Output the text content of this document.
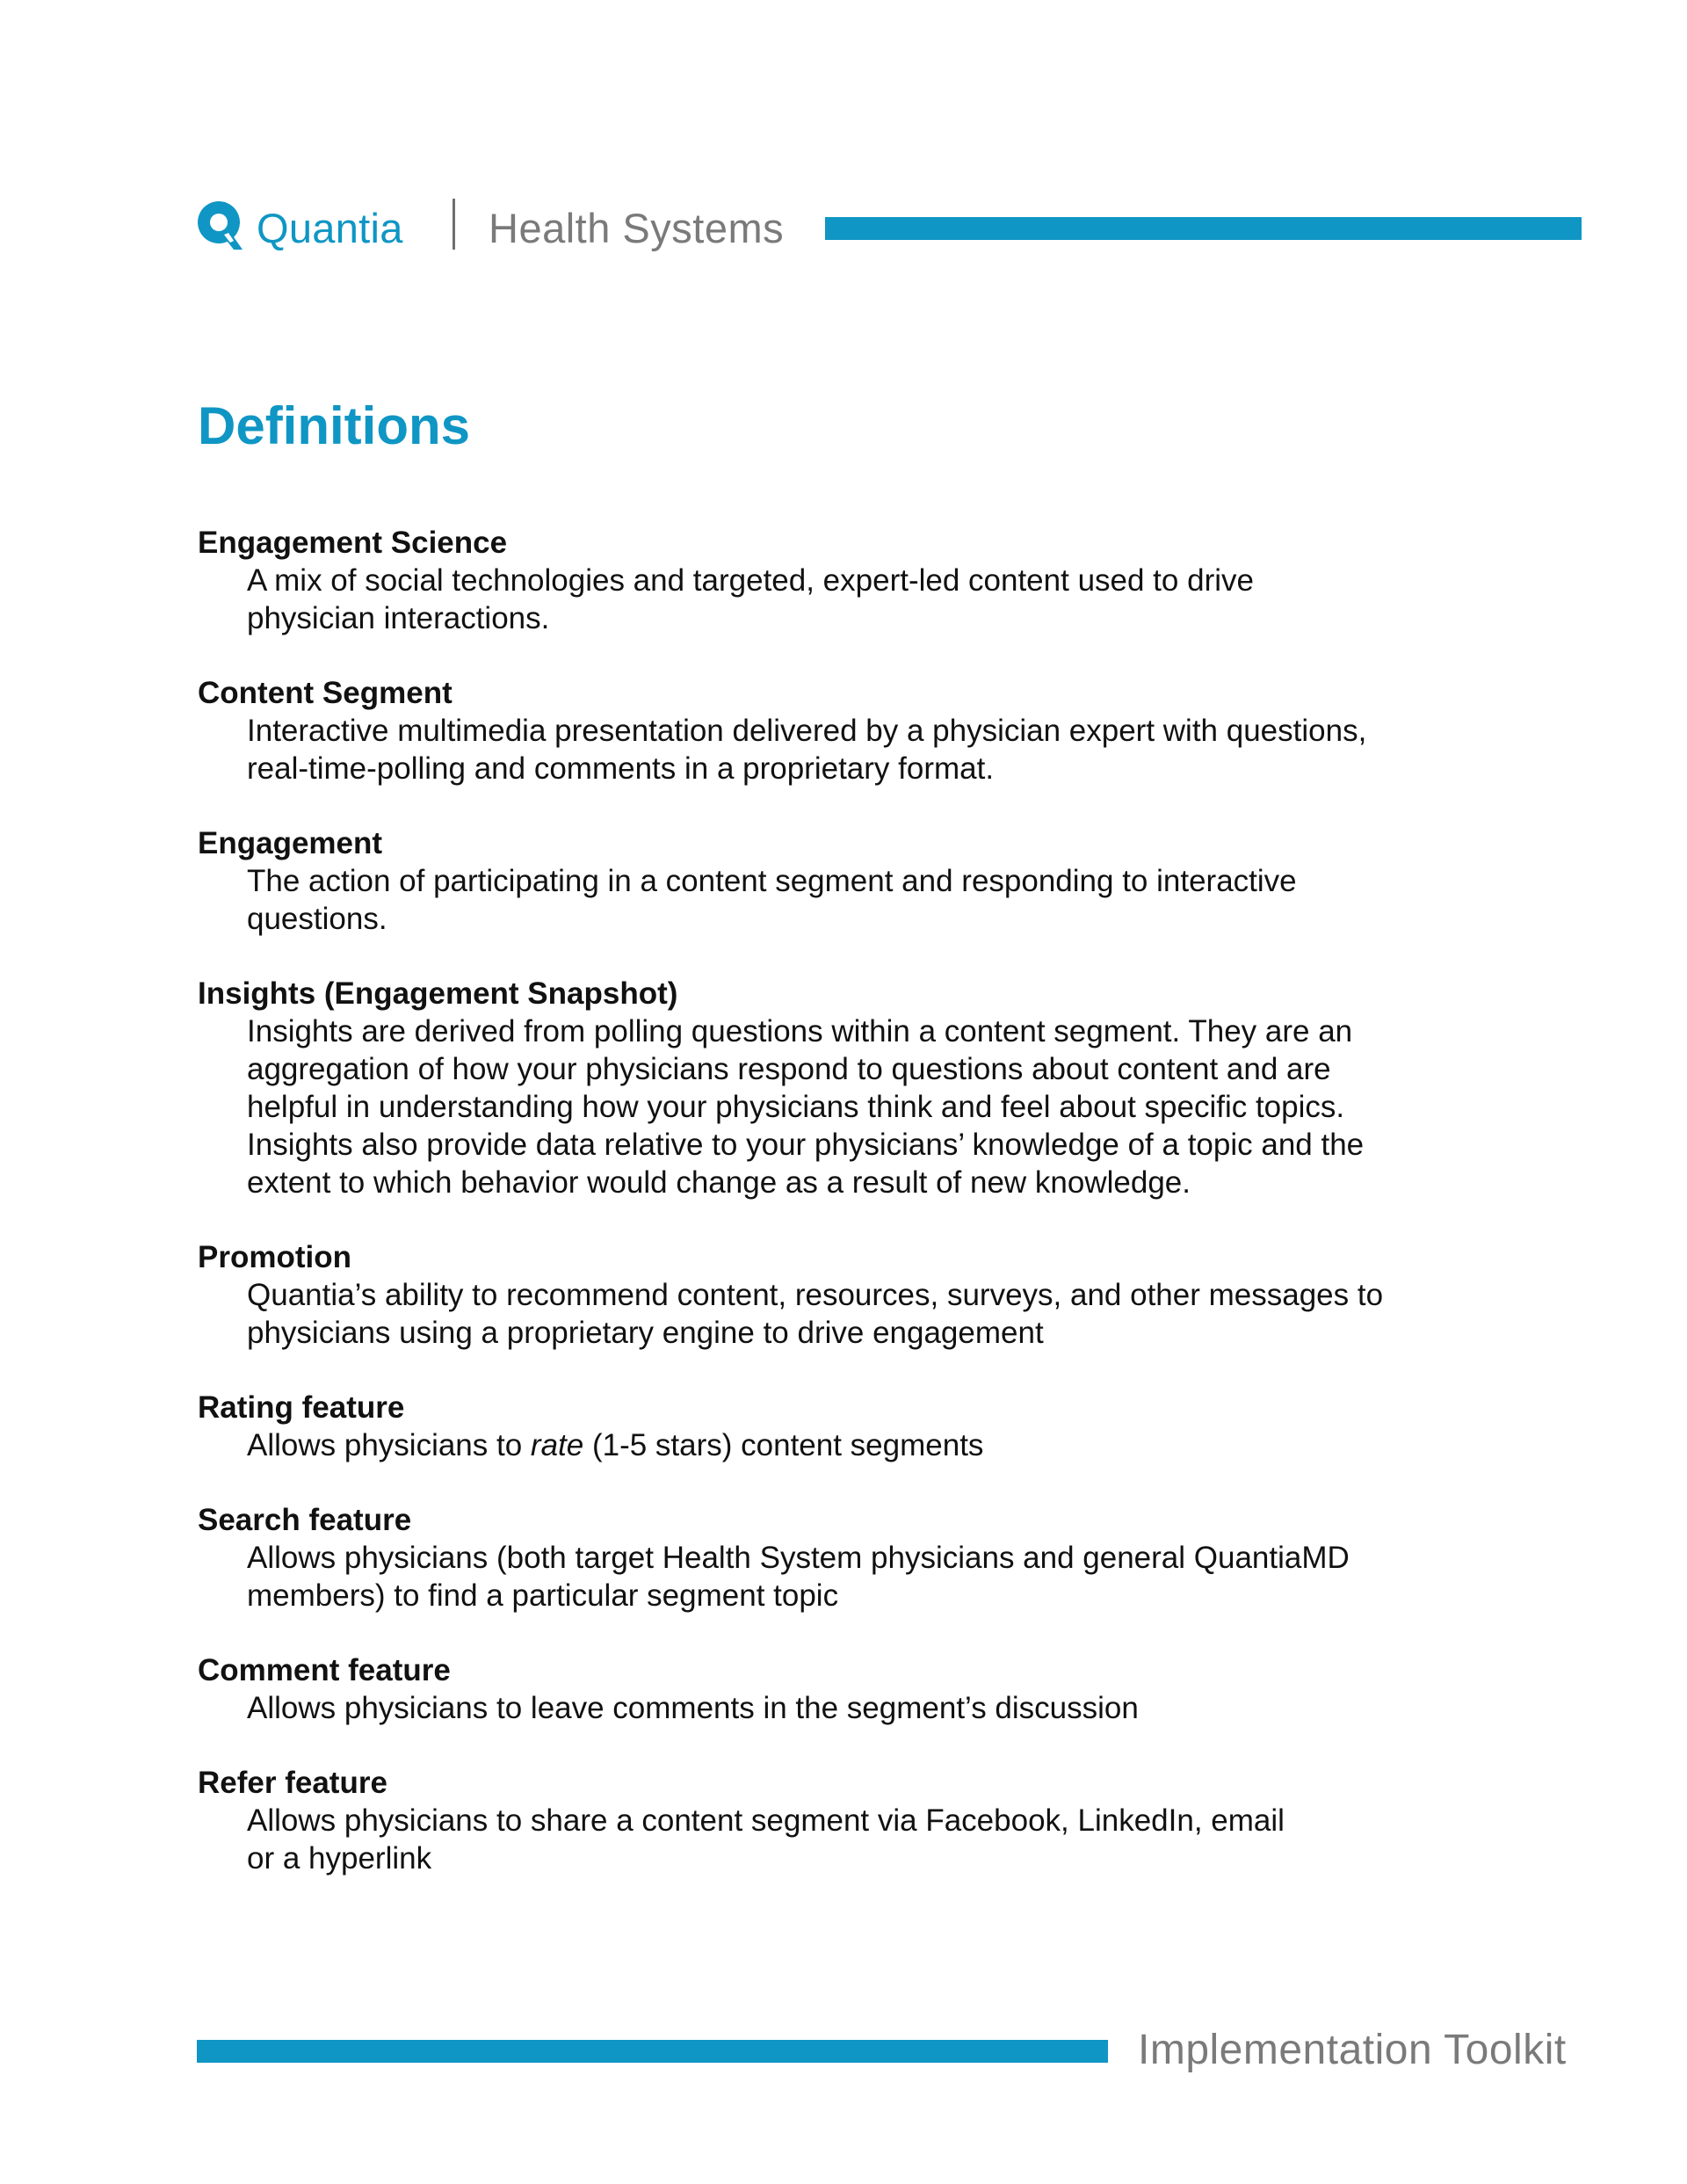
Quantia Health Systems
Definitions
Engagement Science
A mix of social technologies and targeted, expert-led content used to drive
physician interactions.
Content Segment
Interactive multimedia presentation delivered by a physician expert with questions,
real-time-polling and comments in a proprietary format.
Engagement
The action of participating in a content segment and responding to interactive
questions.
Insights (Engagement Snapshot)
Insights are derived from polling questions within a content segment. They are an
aggregation of how your physicians respond to questions about content and are
helpful in understanding how your physicians think and feel about specific topics.
Insights also provide data relative to your physicians’ knowledge of a topic and the
extent to which behavior would change as a result of new knowledge.
Promotion
Quantia’s ability to recommend content, resources, surveys, and other messages to
physicians using a proprietary engine to drive engagement
Rating feature
Allows physicians to rate (1-5 stars) content segments
Search feature
Allows physicians (both target Health System physicians and general QuantiaMD
members) to find a particular segment topic
Comment feature
Allows physicians to leave comments in the segment’s discussion
Refer feature
Allows physicians to share a content segment via Facebook, LinkedIn, email
or a hyperlink
Implementation Toolkit
